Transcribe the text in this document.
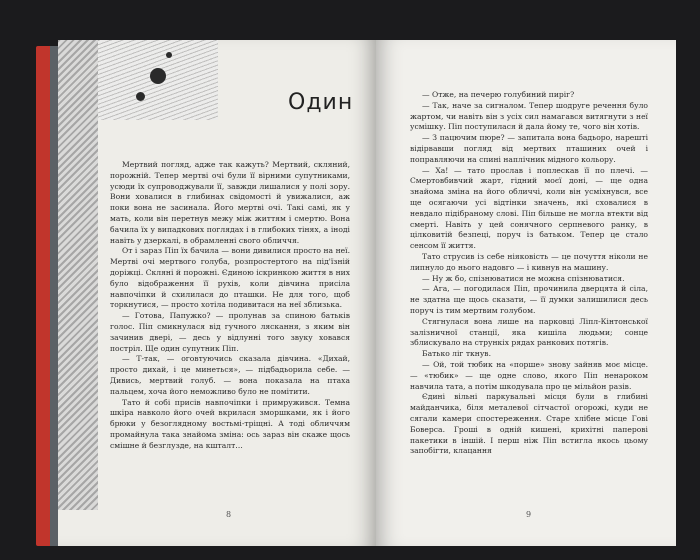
Один

Мертвий погляд, адже так кажуть? Мертвий, скляний, порожній. Тепер мертві очі були її вірними супутниками, усюди їх супроводжували її, завжди лишалися у полі зору. Вони ховалися в глибинах свідомості й увижалися, аж поки вона не засинала. Його мертві очі. Такі самі, як у мать, коли він перетнув межу між життям і смертю. Вона бачила їх у випадкових поглядах і в глибоких тінях, а іноді навіть у дзеркалі, в обрамленні свого обличчя.

От і зараз Піп їх бачила — вони дивилися просто на неї. Мертві очі мертвого голуба, розпростертого на під'їзній доріжці. Скляні й порожні. Єдиною іскринкою життя в них було відображення її рухів, коли дівчина присіла навпочіпки й схилилася до пташки. Не для того, щоб торкнутися, — просто хотіла подивитася на неї зблизька.

— Готова, Папужко? — пролунав за спиною батьків голос. Піп смикнулася від гучного ляскання, з яким він зачинив двері, — десь у відлунні того звуку ховався постріл. Ще один супутник Піп.

— Т-так, — оговтуючись сказала дівчина. «Дихай, просто дихай, і це минеться», — підбадьорила себе. — Дивись, мертвий голуб. — вона показала на птаха пальцем, хоча його неможливо було не помітити.

Тато й собі присів навпочіпки і примружився. Темна шкіра навколо його очей вкрилася зморшками, як і його брюки у безоглядному востьмі-тріщні. А тоді обличчям промайнула така знайома зміна: ось зараз він скаже щось смішне й безглузде, на кшталт…

8

— Отже, на печерю голубиний пиріг?

— Так, наче за сигналом. Тепер шодруге речення було жартом, чи навіть він з усіх сил намагався витягнути з неї усмішку. Піп поступилася й дала йому те, чого він хотів.

— З пацючим пюре? — запитала вона бадьоро, нарешті відірвавши погляд від мертвих пташиних очей і поправляючи на спині наплічник мідного кольору.

— Ха! — тато прослав і поплескав її по плечі. — Смертовбивчий жарт, гідний моєї доні, — ще одна знайома зміна на його обличчі, коли він усміхнувся, все ще осягаючи усі відтінки значень, які сховалися в невдало підібраному слові. Піп більше не могла втекти від смерті. Навіть у цей сонячного серпневого ранку, в цілковитій безпеці, поруч із батьком. Тепер це стало сенсом її життя.

Тато струсив із себе ніяковість — це почуття ніколи не липнуло до нього надовго — і кивнув на машину.

— Ну ж бо, спізнюватися не можна спізнюватися.

— Ага, — погодилася Піп, прочинила дверцята й сіла, не здатна ще щось сказати, — її думки залишилися десь поруч із тим мертвим голубом.

Стягнулася вона лише на парковці Ліпл-Кінтонської залізничної станції, яка кишіла людьми; сонце зблискувало на стрункіх рядах ранкових потягів.

Батько ліг ткнув.

— Ой, той тюбик на «порше» знову зайняв моє місце. — «тюбик» — ще одне слово, якого Піп ненароком навчила тата, а потім шкодувала про це мільйон разів.

Єдині вільні паркувальні місця були в глибині майданчика, біля металевої сітчастої огорожі, куди не сягали камери спостереження. Старе хлібне місце Гові Боверса. Гроші в одній кишені, крихітні паперові пакетики в іншій. І перш ніж Піп встигла якось цьому запобігти, клацання

9
